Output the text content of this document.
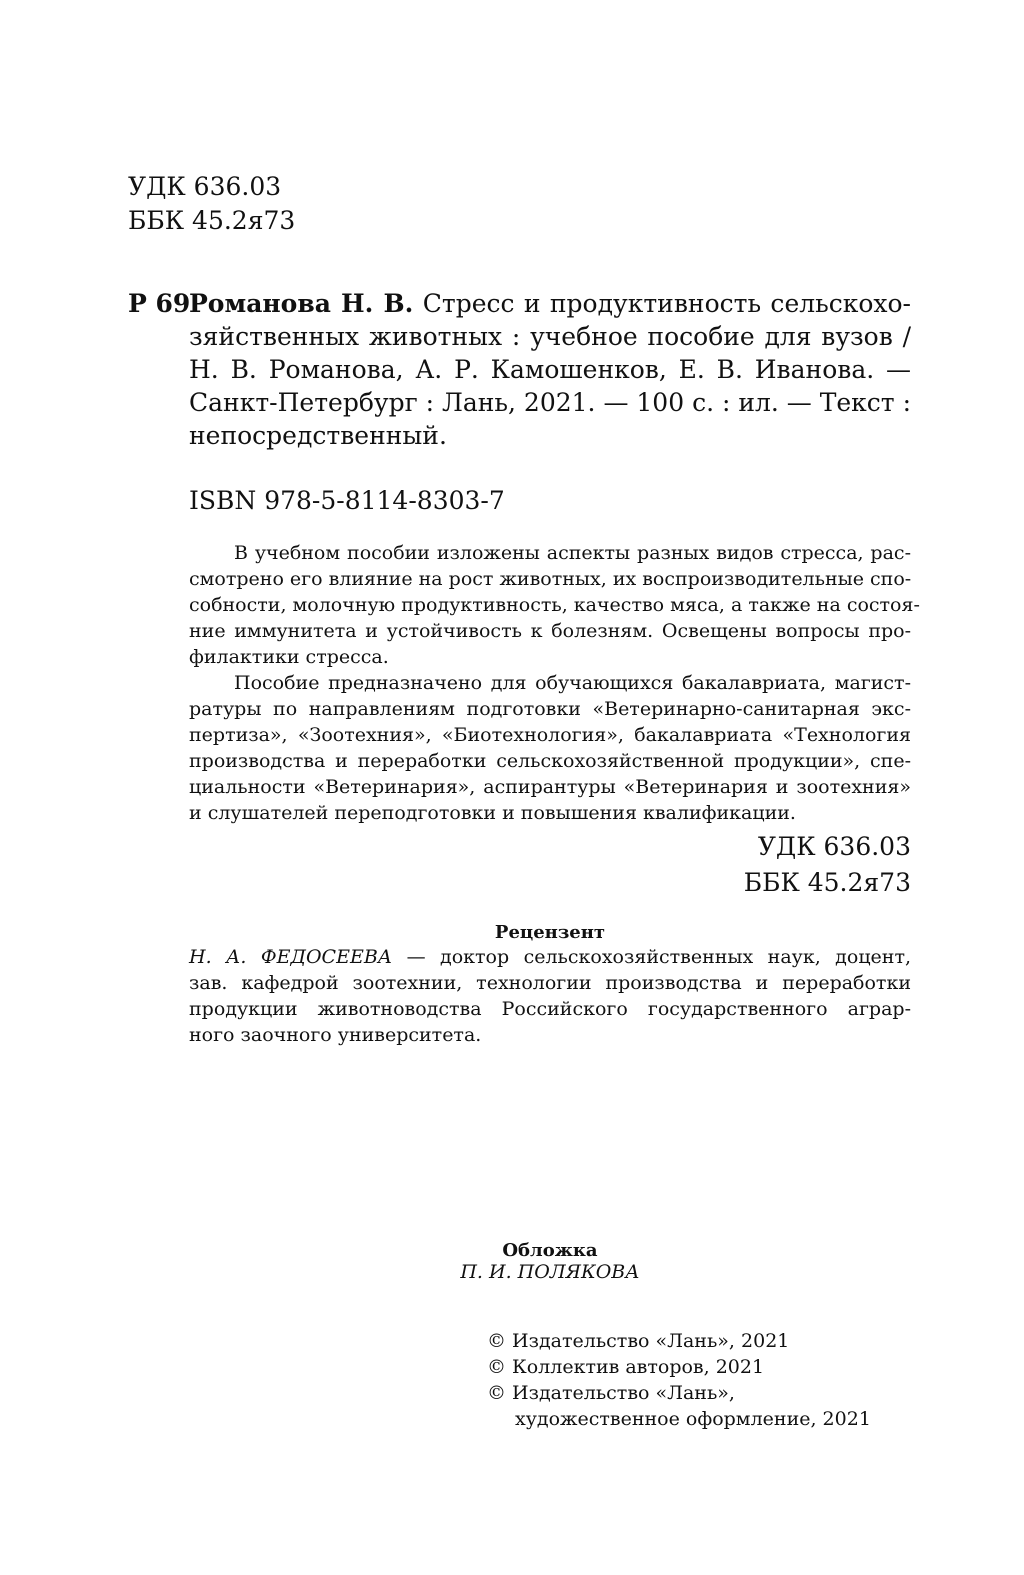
УДК 636.03
ББК 45.2я73
Р 69
Романова Н. В. Стресс и продуктивность сельскохо-
зяйственных животных : учебное пособие для вузов /
Н. В. Романова, А. Р. Камошенков, Е. В. Иванова. —
Санкт-Петербург : Лань, 2021. — 100 с. : ил. — Текст :
непосредственный.
ISBN 978-5-8114-8303-7
В учебном пособии изложены аспекты разных видов стресса, рас-
смотрено его влияние на рост животных, их воспроизводительные спо-
собности, молочную продуктивность, качество мяса, а также на состоя-
ние иммунитета и устойчивость к болезням. Освещены вопросы про-
филактики стресса.
Пособие предназначено для обучающихся бакалавриата, магист-
ратуры по направлениям подготовки «Ветеринарно-санитарная экс-
пертиза», «Зоотехния», «Биотехнология», бакалавриата «Технология
производства и переработки сельскохозяйственной продукции», спе-
циальности «Ветеринария», аспирантуры «Ветеринария и зоотехния»
и слушателей переподготовки и повышения квалификации.
УДК 636.03
ББК 45.2я73
Рецензент
Н. А. ФЕДОСЕЕВА — доктор сельскохозяйственных наук, доцент,
зав. кафедрой зоотехнии, технологии производства и переработки
продукции животноводства Российского государственного аграр-
ного заочного университета.
Обложка
П. И. ПОЛЯКОВА
© Издательство «Лань», 2021
© Коллектив авторов, 2021
© Издательство «Лань»,
художественное оформление, 2021
